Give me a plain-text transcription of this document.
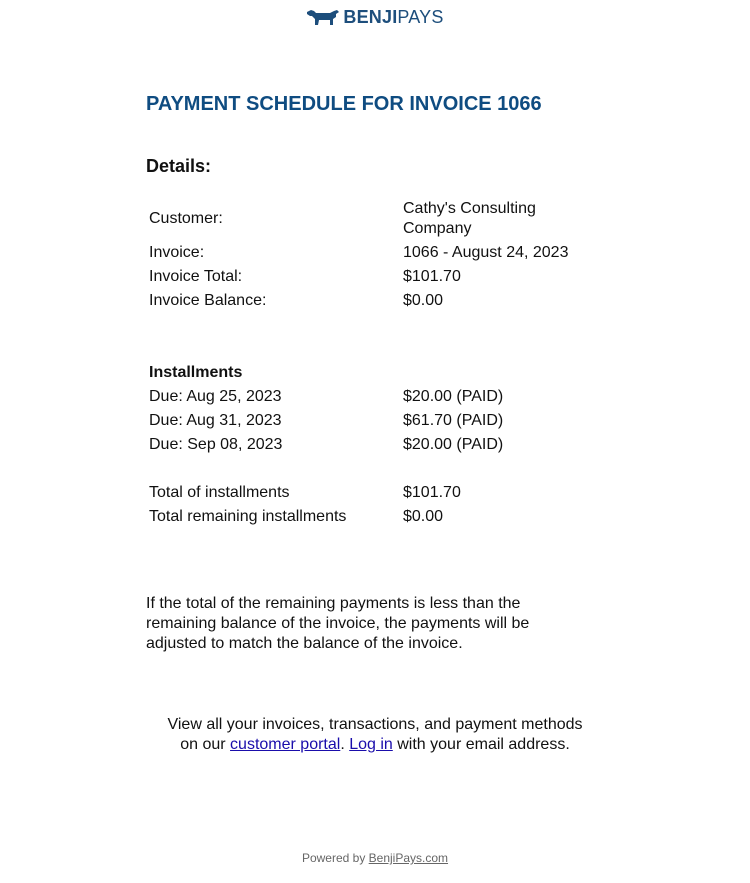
BENJIPAYS
PAYMENT SCHEDULE FOR INVOICE 1066
Details:
Customer:
Cathy's Consulting Company
Invoice:	1066 - August 24, 2023
Invoice Total:	$101.70
Invoice Balance:	$0.00
Installments
Due: Aug 25, 2023	$20.00 (PAID)
Due: Aug 31, 2023	$61.70 (PAID)
Due: Sep 08, 2023	$20.00 (PAID)
Total of installments	$101.70
Total remaining installments	$0.00

If the total of the remaining payments is less than the remaining balance of the invoice, the payments will be adjusted to match the balance of the invoice.

View all your invoices, transactions, and payment methods
on our customer portal. Log in with your email address.

Powered by BenjiPays.com
